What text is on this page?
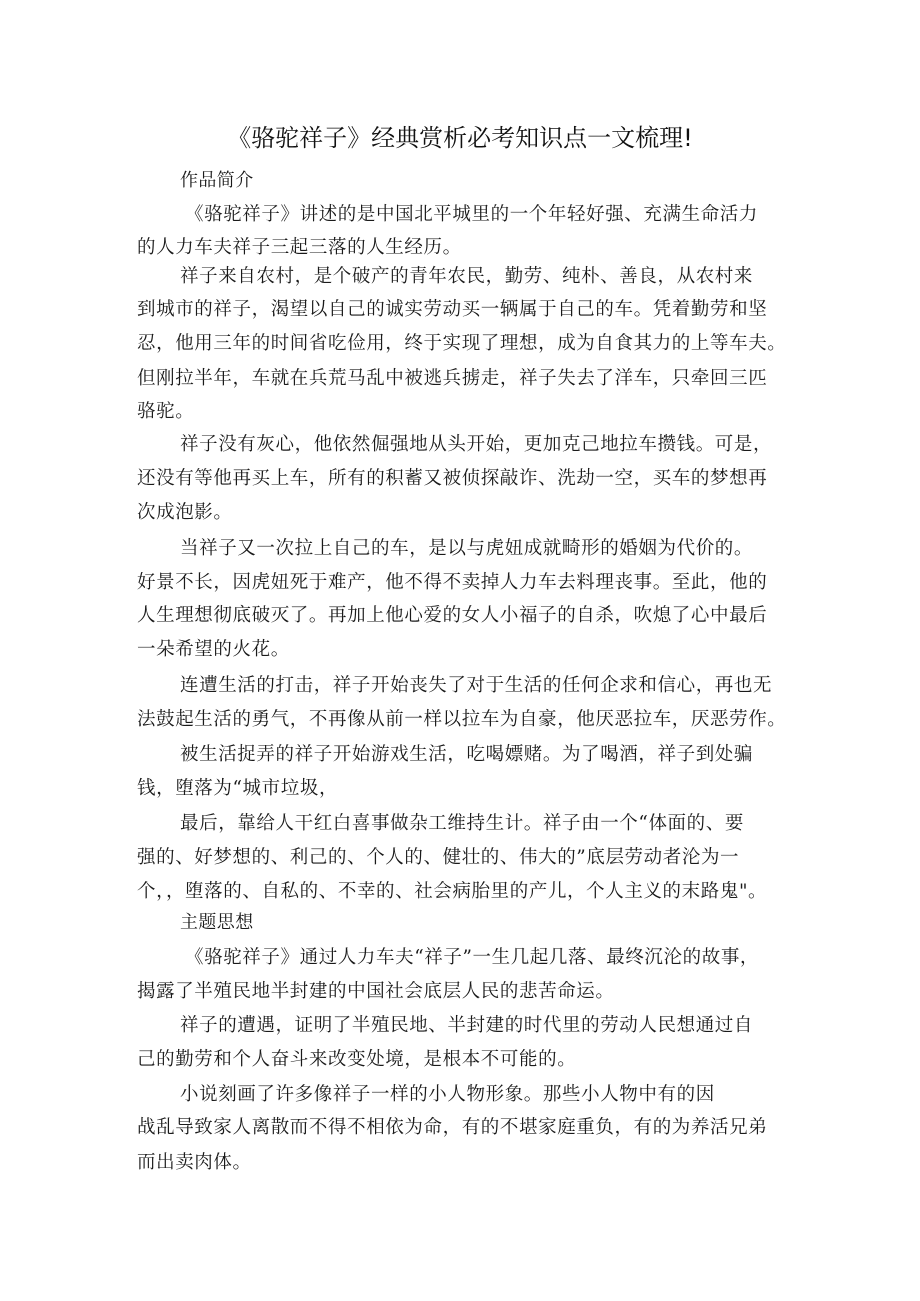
《骆驼祥子》经典赏析必考知识点一文梳理!
作品简介
《骆驼祥子》讲述的是中国北平城里的一个年轻好强、充满生命活力
的人力车夫祥子三起三落的人生经历。
祥子来自农村，是个破产的青年农民，勤劳、纯朴、善良，从农村来
到城市的祥子，渴望以自己的诚实劳动买一辆属于自己的车。凭着勤劳和坚
忍，他用三年的时间省吃俭用，终于实现了理想，成为自食其力的上等车夫。
但刚拉半年，车就在兵荒马乱中被逃兵掳走，祥子失去了洋车，只牵回三匹
骆驼。
祥子没有灰心，他依然倔强地从头开始，更加克己地拉车攒钱。可是，
还没有等他再买上车，所有的积蓄又被侦探敲诈、洗劫一空，买车的梦想再
次成泡影。
当祥子又一次拉上自己的车，是以与虎妞成就畸形的婚姻为代价的。
好景不长，因虎妞死于难产，他不得不卖掉人力车去料理丧事。至此，他的
人生理想彻底破灭了。再加上他心爱的女人小福子的自杀，吹熄了心中最后
一朵希望的火花。
连遭生活的打击，祥子开始丧失了对于生活的任何企求和信心，再也无
法鼓起生活的勇气，不再像从前一样以拉车为自豪，他厌恶拉车，厌恶劳作。
被生活捉弄的祥子开始游戏生活，吃喝嫖赌。为了喝酒，祥子到处骗
钱，堕落为“城市垃圾，
最后，靠给人干红白喜事做杂工维持生计。祥子由一个“体面的、要
强的、好梦想的、利己的、个人的、健壮的、伟大的”底层劳动者沦为一
个，，堕落的、自私的、不幸的、社会病胎里的产儿，个人主义的末路鬼"。
主题思想
《骆驼祥子》通过人力车夫“祥子”一生几起几落、最终沉沦的故事，
揭露了半殖民地半封建的中国社会底层人民的悲苦命运。
祥子的遭遇，证明了半殖民地、半封建的时代里的劳动人民想通过自
己的勤劳和个人奋斗来改变处境，是根本不可能的。
小说刻画了许多像祥子一样的小人物形象。那些小人物中有的因
战乱导致家人离散而不得不相依为命，有的不堪家庭重负，有的为养活兄弟
而出卖肉体。
